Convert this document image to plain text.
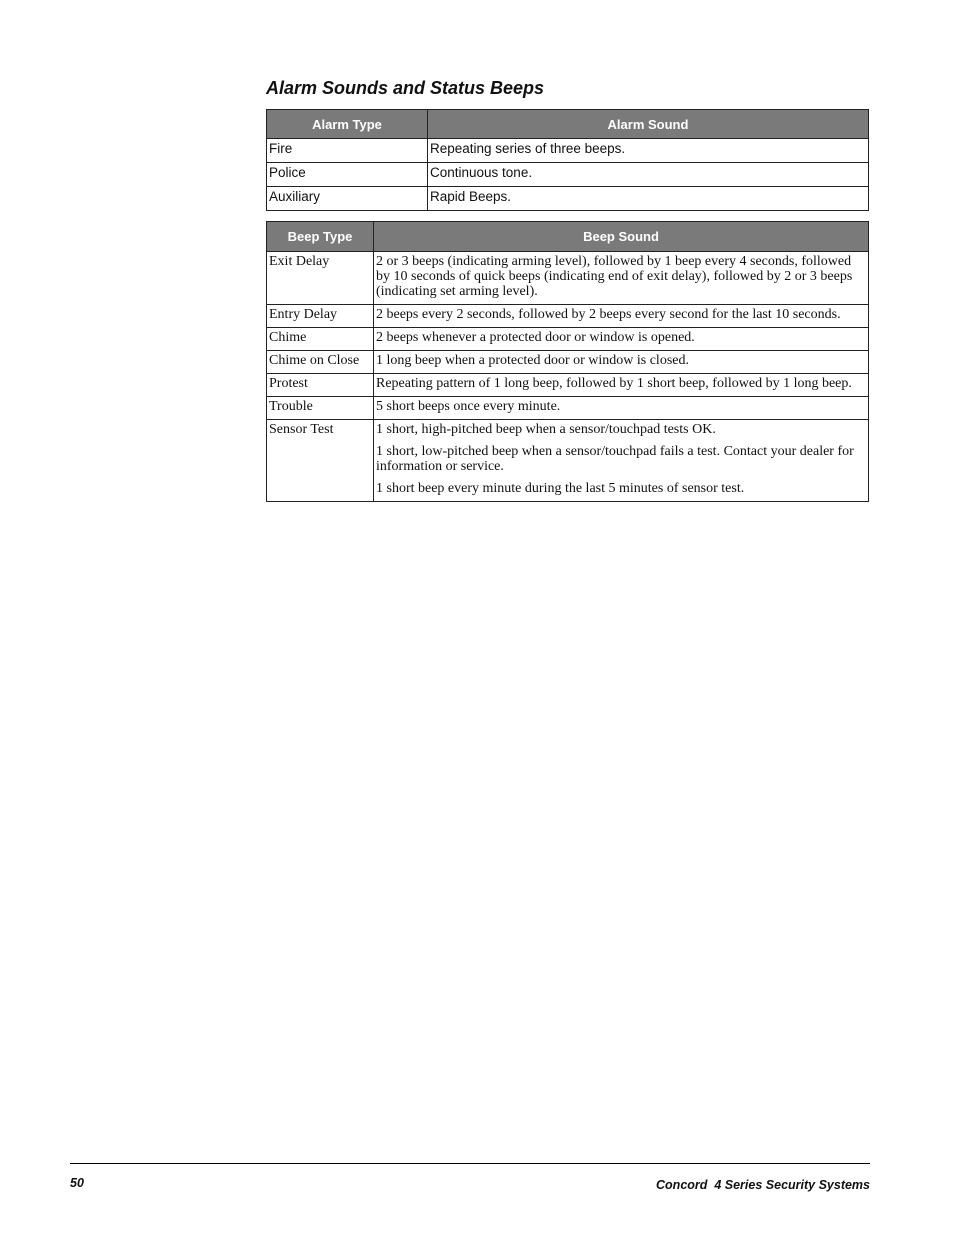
Alarm Sounds and Status Beeps
Alarm Type	Alarm Sound
Fire	Repeating series of three beeps.
Police	Continuous tone.
Auxiliary	Rapid Beeps.
Beep Type	Beep Sound
Exit Delay	2 or 3 beeps (indicating arming level), followed by 1 beep every 4 seconds, followed by 10 seconds of quick beeps (indicating end of exit delay), followed by 2 or 3 beeps (indicating set arming level).

Entry Delay	2 beeps every 2 seconds, followed by 2 beeps every second for the last 10 seconds.

Chime	2 beeps whenever a protected door or window is opened.

Chime on Close	1 long beep when a protected door or window is closed.

Protest	Repeating pattern of 1 long beep, followed by 1 short beep, followed by 1 long beep.

Trouble	5 short beeps once every minute.

Sensor Test	1 short, high-pitched beep when a sensor/touchpad tests OK.

1 short, low-pitched beep when a sensor/touchpad fails a test. Contact your dealer for information or service.

1 short beep every minute during the last 5 minutes of sensor test.

50	Concord  4 Series Security Systems
